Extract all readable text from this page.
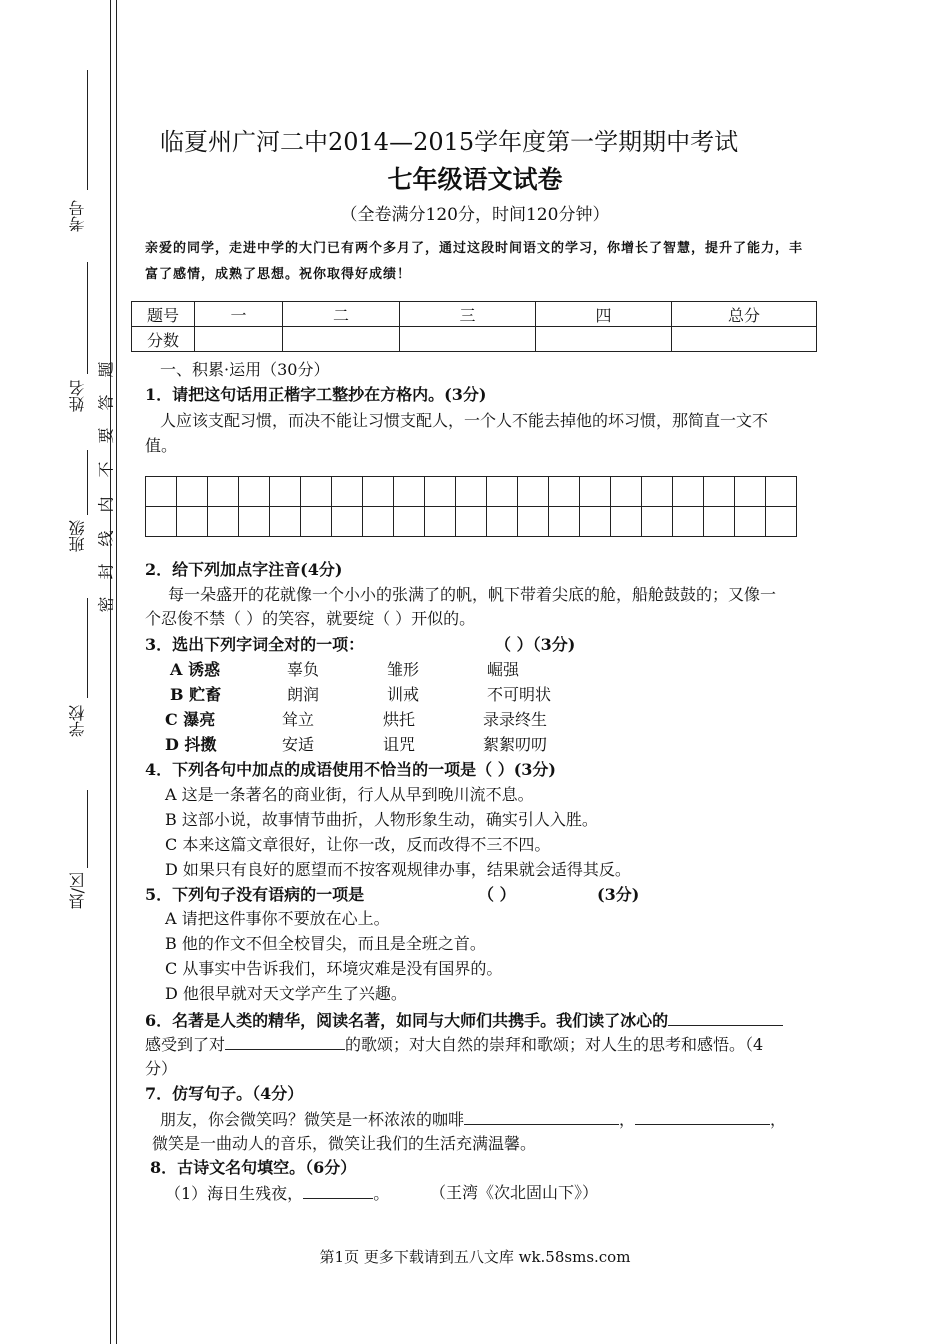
考号
姓名
班级
学校
县/区
题
答
要
不
内
线
封
密
临夏州广河二中2014—2015学年度第一学期期中考试
七年级语文试卷
（全卷满分120分，时间120分钟）
亲爱的同学，走进中学的大门已有两个多月了，通过这段时间语文的学习，你增长了智慧，提升了能力，丰富了感情，成熟了思想。祝你取得好成绩！
题号	一	二	三	四	总分
分数					
一、积累·运用（30分）
1．请把这句话用正楷字工整抄在方格内。(3分)
人应该支配习惯，而决不能让习惯支配人，一个人不能去掉他的坏习惯，那简直一文不
值。

2．给下列加点字注音(4分)
每一朵盛开的花就像一个小小的张满了的帆，帆下带着尖底的舱，船舱鼓鼓的；又像一
个忍俊不禁（ ）的笑容，就要绽（ ）开似的。
3．选出下列字词全对的一项：	（ ）（3分)
A 诱惑	辜负	雏形	崛强
B 贮畜	朗润	训戒	不可明状
C 瀑亮	耸立	烘托	录录终生
D 抖擞	安适	诅咒	絮絮叨叨
4．下列各句中加点的成语使用不恰当的一项是（ ）(3分)
A 这是一条著名的商业街，行人从早到晚川流不息。
B 这部小说，故事情节曲折，人物形象生动，确实引人入胜。
C 本来这篇文章很好，让你一改，反而改得不三不四。
D 如果只有良好的愿望而不按客观规律办事，结果就会适得其反。
5．下列句子没有语病的一项是	（ ）	(3分)
A 请把这件事你不要放在心上。
B 他的作文不但全校冒尖，而且是全班之首。
C 从事实中告诉我们，环境灾难是没有国界的。
D 他很早就对天文学产生了兴趣。
6．名著是人类的精华，阅读名著，如同与大师们共携手。我们读了冰心的
感受到了对	的歌颂；对大自然的崇拜和歌颂；对人生的思考和感悟。（4
分）
7．仿写句子。（4分）
朋友，你会微笑吗？微笑是一杯浓浓的咖啡	，	，
微笑是一曲动人的音乐，微笑让我们的生活充满温馨。
8．古诗文名句填空。（6分）
（1）海日生残夜，	。	（王湾《次北固山下》）
第1页 更多下载请到五八文库 wk.58sms.com
